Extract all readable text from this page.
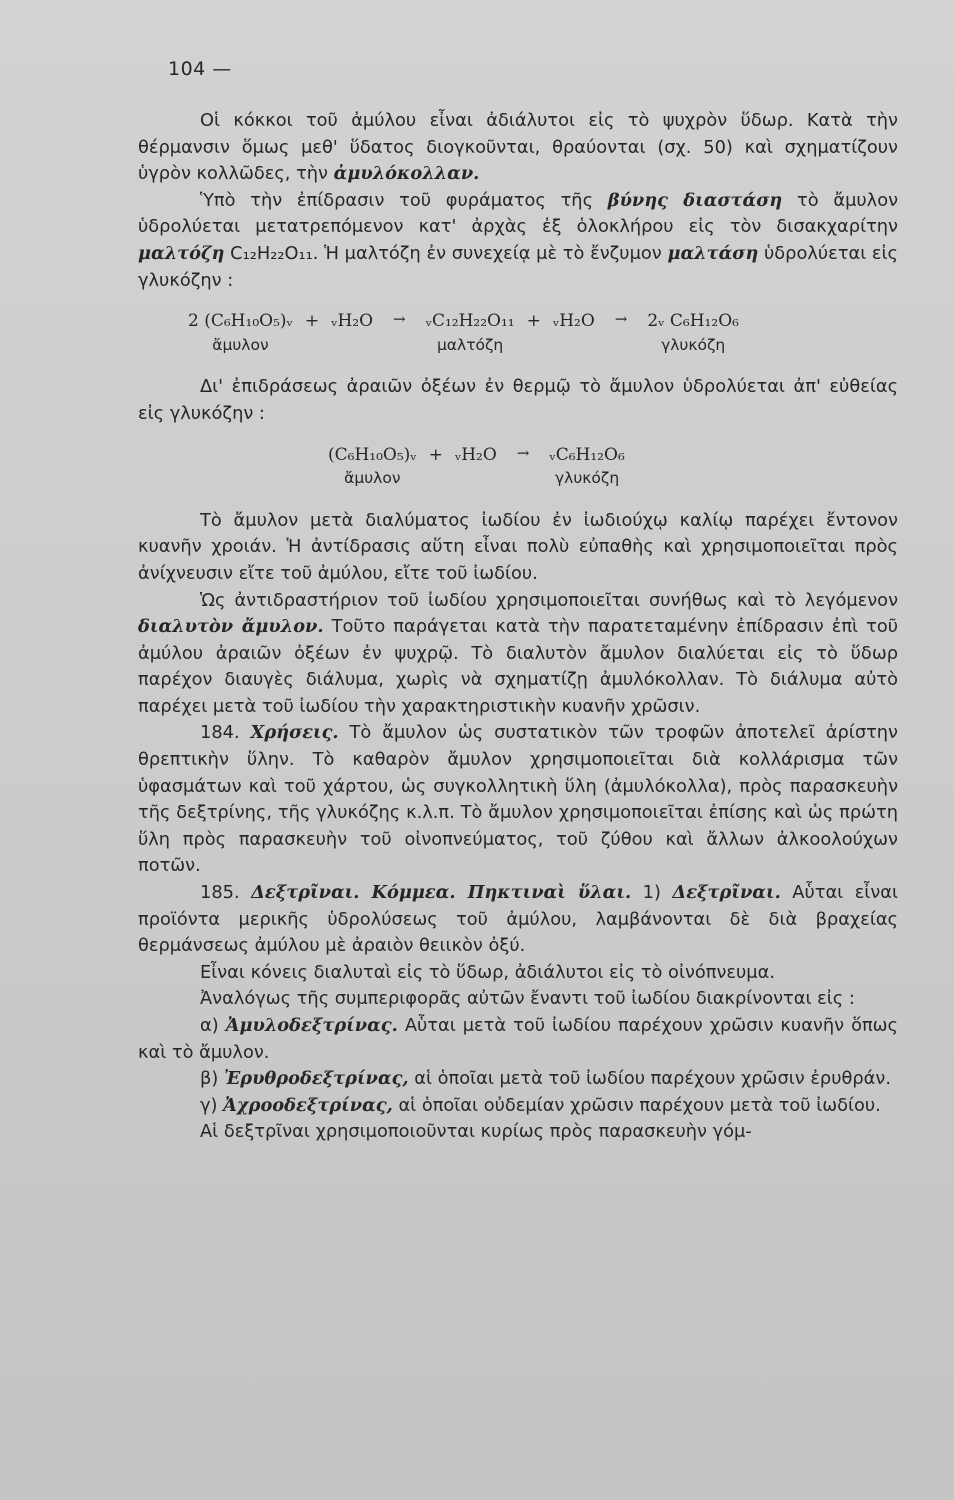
104 —

Οἱ κόκκοι τοῦ ἀμύλου εἶναι ἀδιάλυτοι εἰς τὸ ψυχρὸν ὕδωρ. Κατὰ τὴν θέρμανσιν ὅμως μεθ' ὕδατος διογκοῦνται, θραύονται (σχ. 50) καὶ σχηματίζουν ὑγρὸν κολλῶδες, τὴν ἀμυλόκολλαν.

Ὑπὸ τὴν ἐπίδρασιν τοῦ φυράματος τῆς βύνης διαστάση τὸ ἄμυλον ὑδρολύεται μετατρεπόμενον κατ' ἀρχὰς ἐξ ὁλοκλήρου εἰς τὸν δισακχαρίτην μαλτόζη C₁₂H₂₂O₁₁. Ἡ μαλτόζη ἐν συνεχείᾳ μὲ τὸ ἔνζυμον μαλτάση ὑδρολύεται εἰς γλυκόζην :

2 (C₆H₁₀O₅)ᵥ
ἄμυλον
+ ᵥH₂O	→	ᵥC₁₂H₂₂O₁₁
μαλτόζη
+ ᵥH₂O	→	2ᵥ C₆H₁₂O₆
γλυκόζη

Δι' ἐπιδράσεως ἀραιῶν ὀξέων ἐν θερμῷ τὸ ἄμυλον ὑδρολύεται ἀπ' εὐθείας εἰς γλυκόζην :

(C₆H₁₀O₅)ᵥ
ἄμυλον
+ ᵥH₂O	→	ᵥC₆H₁₂O₆
γλυκόζη

Τὸ ἄμυλον μετὰ διαλύματος ἰωδίου ἐν ἰωδιούχῳ καλίῳ παρέχει ἔντονον κυανῆν χροιάν. Ἡ ἀντίδρασις αὕτη εἶναι πολὺ εὐπαθὴς καὶ χρησιμοποιεῖται πρὸς ἀνίχνευσιν εἴτε τοῦ ἀμύλου, εἴτε τοῦ ἰωδίου.

Ὡς ἀντιδραστήριον τοῦ ἰωδίου χρησιμοποιεῖται συνήθως καὶ τὸ λεγόμενον διαλυτὸν ἄμυλον. Τοῦτο παράγεται κατὰ τὴν παρατεταμένην ἐπίδρασιν ἐπὶ τοῦ ἀμύλου ἀραιῶν ὀξέων ἐν ψυχρῷ. Τὸ διαλυτὸν ἄμυλον διαλύεται εἰς τὸ ὕδωρ παρέχον διαυγὲς διάλυμα, χωρὶς νὰ σχηματίζῃ ἀμυλόκολλαν. Τὸ διάλυμα αὐτὸ παρέχει μετὰ τοῦ ἰωδίου τὴν χαρακτηριστικὴν κυανῆν χρῶσιν.

184. Χρήσεις. Τὸ ἄμυλον ὡς συστατικὸν τῶν τροφῶν ἀποτελεῖ ἀρίστην θρεπτικὴν ὕλην. Τὸ καθαρὸν ἄμυλον χρησιμοποιεῖται διὰ κολλάρισμα τῶν ὑφασμάτων καὶ τοῦ χάρτου, ὡς συγκολλητικὴ ὕλη (ἀμυλόκολλα), πρὸς παρασκευὴν τῆς δεξτρίνης, τῆς γλυκόζης κ.λ.π. Τὸ ἄμυλον χρησιμοποιεῖται ἐπίσης καὶ ὡς πρώτη ὕλη πρὸς παρασκευὴν τοῦ οἰνοπνεύματος, τοῦ ζύθου καὶ ἄλλων ἀλκοολούχων ποτῶν.

185. Δεξτρῖναι. Κόμμεα. Πηκτιναὶ ὕλαι. 1) Δεξτρῖναι. Αὗται εἶναι προϊόντα μερικῆς ὑδρολύσεως τοῦ ἀμύλου, λαμβάνονται δὲ διὰ βραχείας θερμάνσεως ἀμύλου μὲ ἀραιὸν θειικὸν ὀξύ.

Εἶναι κόνεις διαλυταὶ εἰς τὸ ὕδωρ, ἀδιάλυτοι εἰς τὸ οἰνόπνευμα.

Ἀναλόγως τῆς συμπεριφορᾶς αὐτῶν ἔναντι τοῦ ἰωδίου διακρίνονται εἰς :

α) Ἀμυλοδεξτρίνας. Αὗται μετὰ τοῦ ἰωδίου παρέχουν χρῶσιν κυανῆν ὅπως καὶ τὸ ἄμυλον.

β) Ἐρυθροδεξτρίνας, αἱ ὁποῖαι μετὰ τοῦ ἰωδίου παρέχουν χρῶσιν ἐρυθράν.

γ) Ἀχροοδεξτρίνας, αἱ ὁποῖαι οὐδεμίαν χρῶσιν παρέχουν μετὰ τοῦ ἰωδίου.

Αἱ δεξτρῖναι χρησιμοποιοῦνται κυρίως πρὸς παρασκευὴν γόμ-
